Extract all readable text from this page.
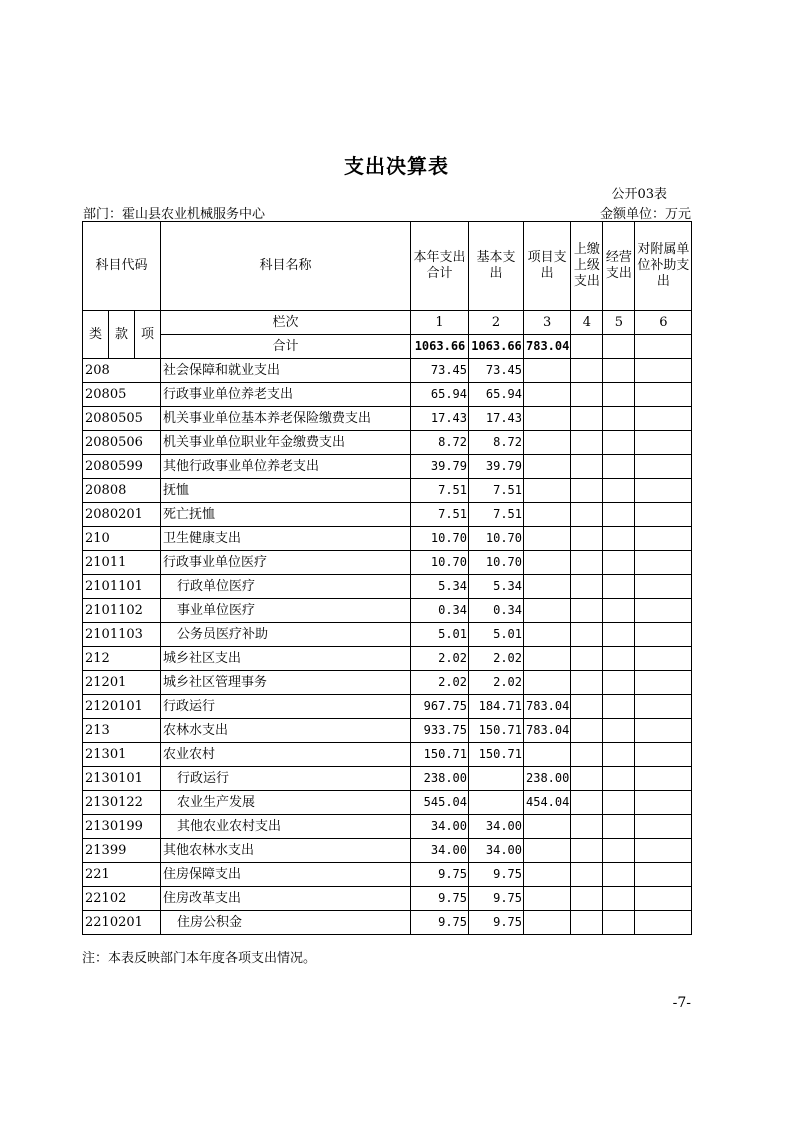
支出决算表
公开03表
部门：霍山县农业机械服务中心	金额单位：万元
科目代码			科目名称	本年支出合计	基本支出	项目支出	上缴上级支出	经营支出	对附属单位补助支出
类	款	项	栏次	1	2	3	4	5	6
			合计	1063.66	1063.66	783.04			
208			社会保障和就业支出	73.45	73.45				
20805			行政事业单位养老支出	65.94	65.94				
2080505			机关事业单位基本养老保险缴费支出	17.43	17.43				
2080506			机关事业单位职业年金缴费支出	8.72	8.72				
2080599			其他行政事业单位养老支出	39.79	39.79				
20808			抚恤	7.51	7.51				
2080201			死亡抚恤	7.51	7.51				
210			卫生健康支出	10.70	10.70				
21011			行政事业单位医疗	10.70	10.70				
2101101			行政单位医疗	5.34	5.34				
2101102			事业单位医疗	0.34	0.34				
2101103			公务员医疗补助	5.01	5.01				
212			城乡社区支出	2.02	2.02				
21201			城乡社区管理事务	2.02	2.02				
2120101			行政运行	967.75	184.71	783.04			
213			农林水支出	933.75	150.71	783.04			
21301			农业农村	150.71	150.71				
2130101			行政运行	238.00		238.00			
2130122			农业生产发展	545.04		454.04			
2130199			其他农业农村支出	34.00	34.00				
21399			其他农林水支出	34.00	34.00				
221			住房保障支出	9.75	9.75				
22102			住房改革支出	9.75	9.75				
2210201			住房公积金	9.75	9.75				
注：本表反映部门本年度各项支出情况。
-7-
